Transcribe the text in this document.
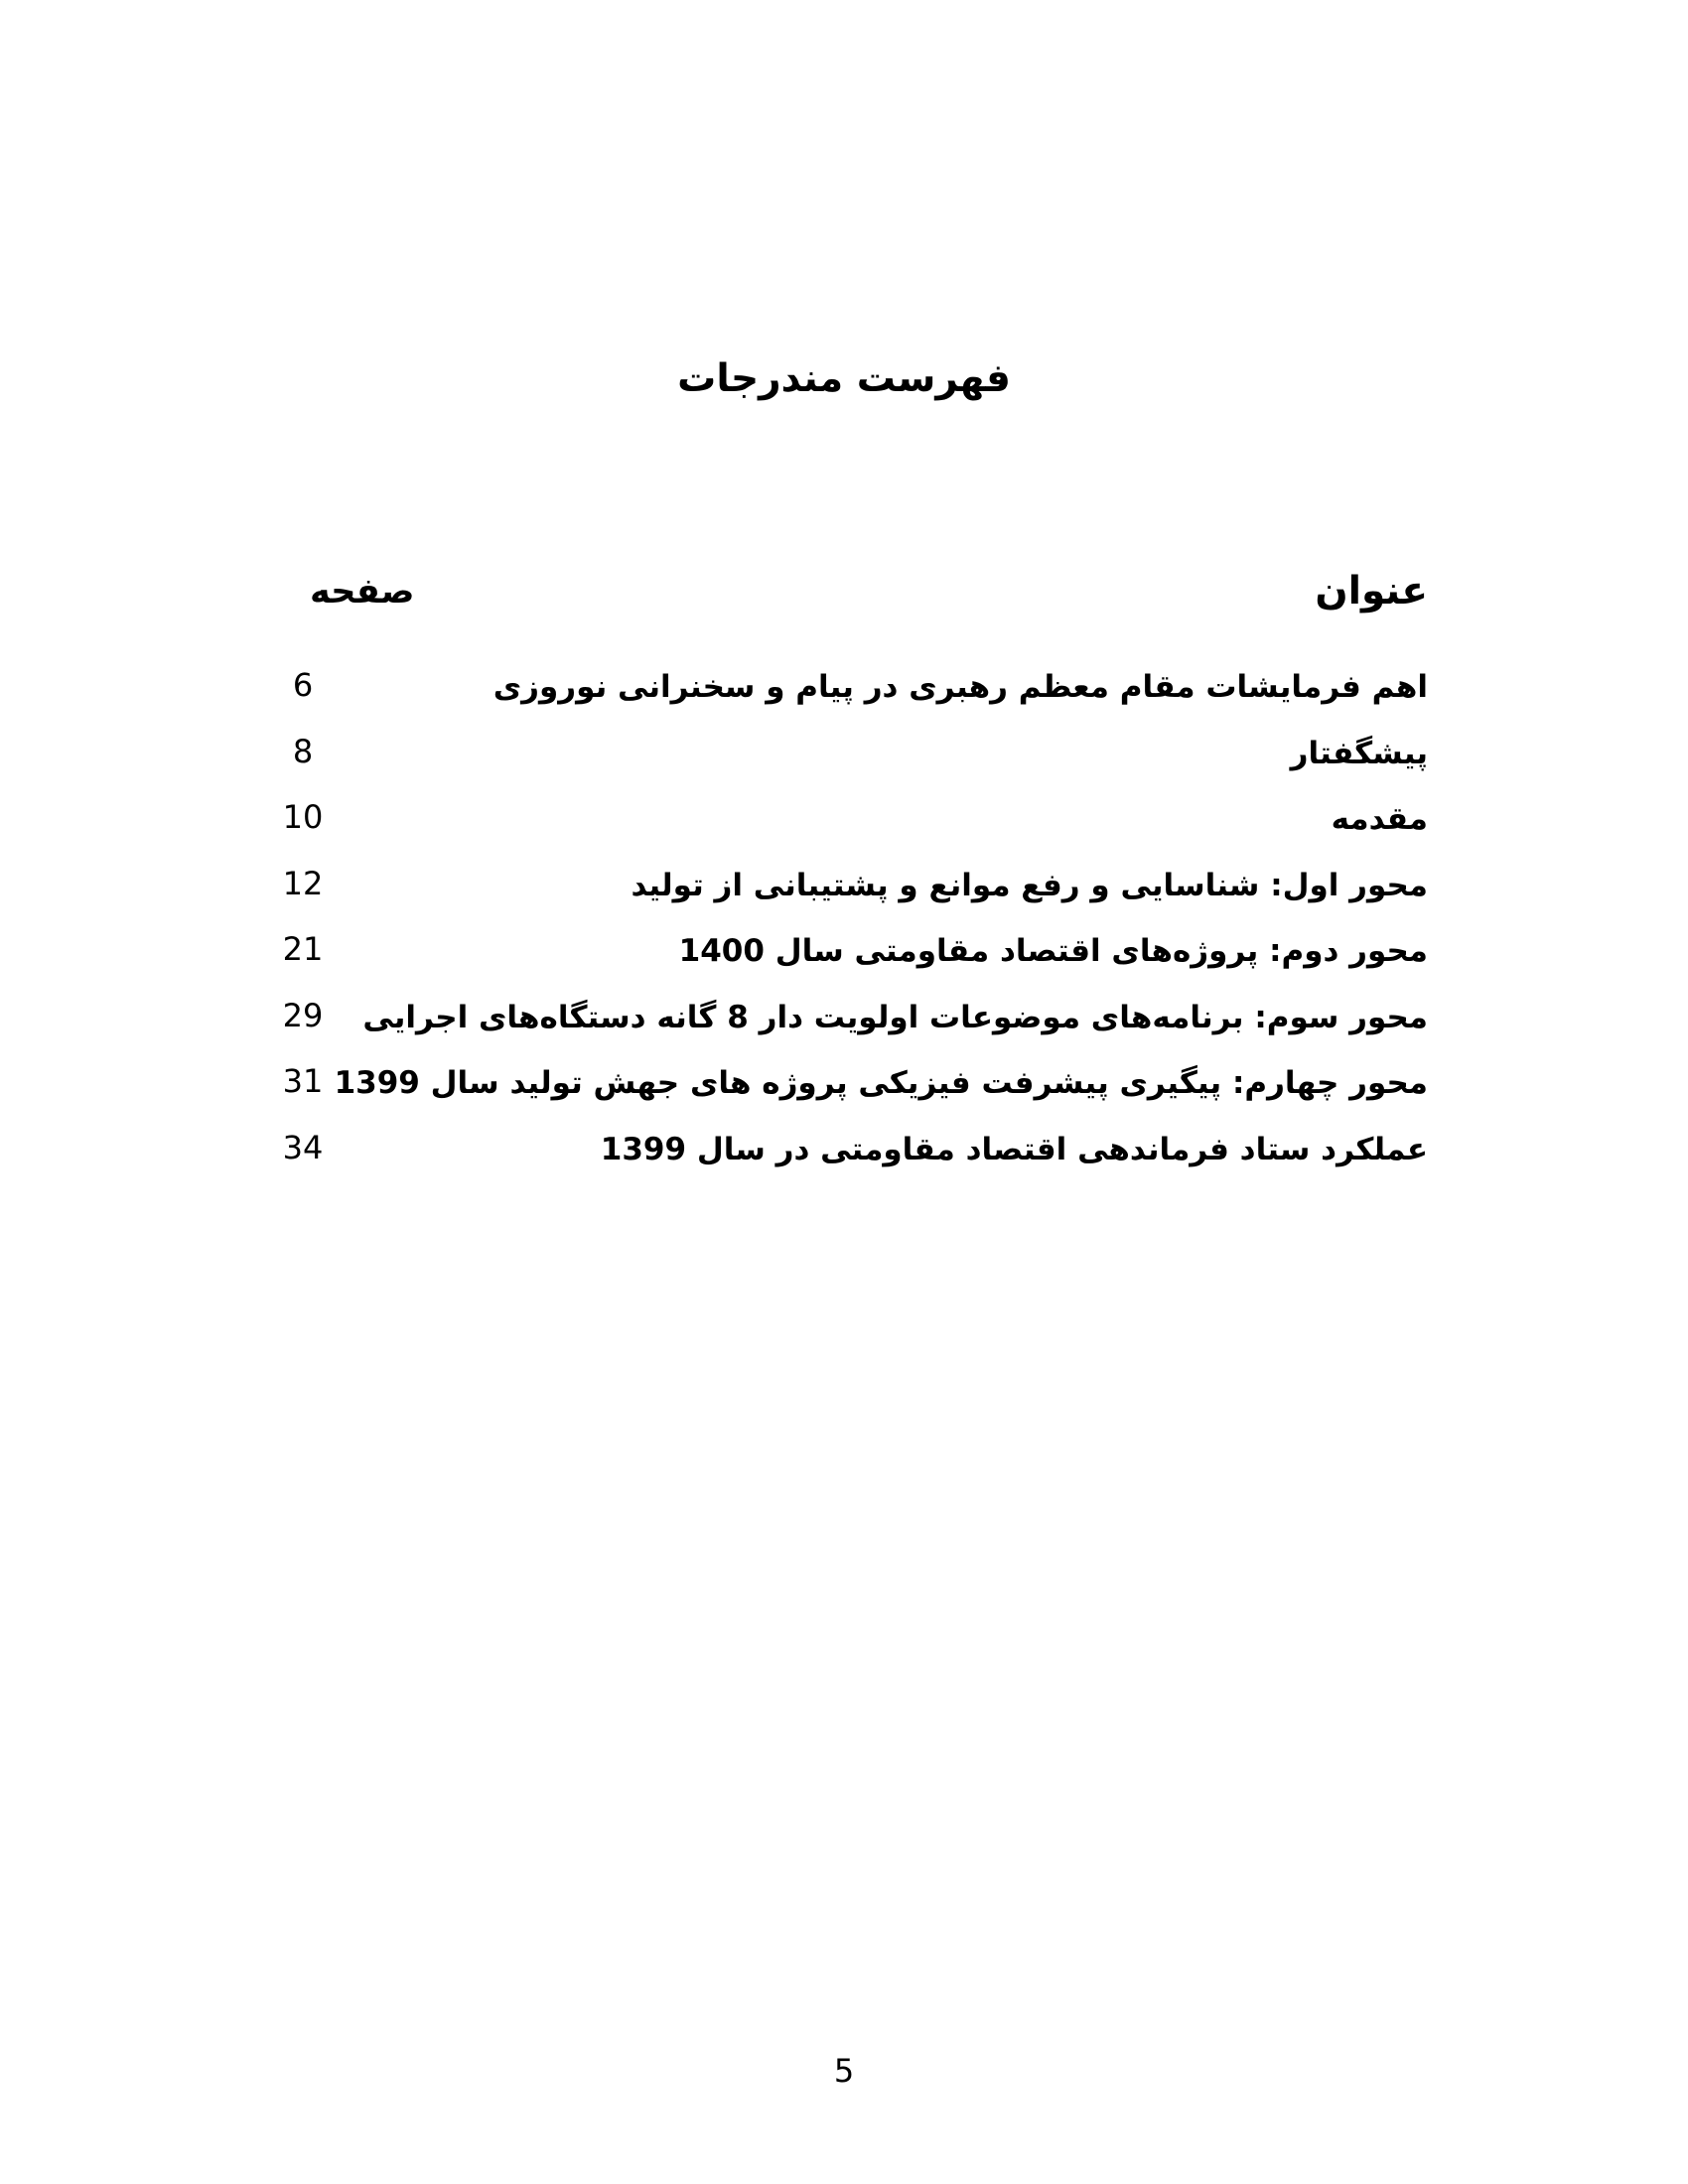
فهرست مندرجات
عنوان
صفحه
اهم فرمایشات مقام معظم رهبری در پیام و سخنرانی نوروزی
6
پیشگفتار
8
مقدمه
10
محور اول: شناسایی و رفع موانع و پشتیبانی از تولید
12
محور دوم: پروژه‌های اقتصاد مقاومتی سال 1400
21
محور سوم: برنامه‌های موضوعات اولویت دار 8 گانه دستگاه‌های اجرایی
29
محور چهارم: پیگیری پیشرفت فیزیکی پروژه های جهش تولید سال 1399
31
عملکرد ستاد فرماندهی اقتصاد مقاومتی در سال 1399
34
5
